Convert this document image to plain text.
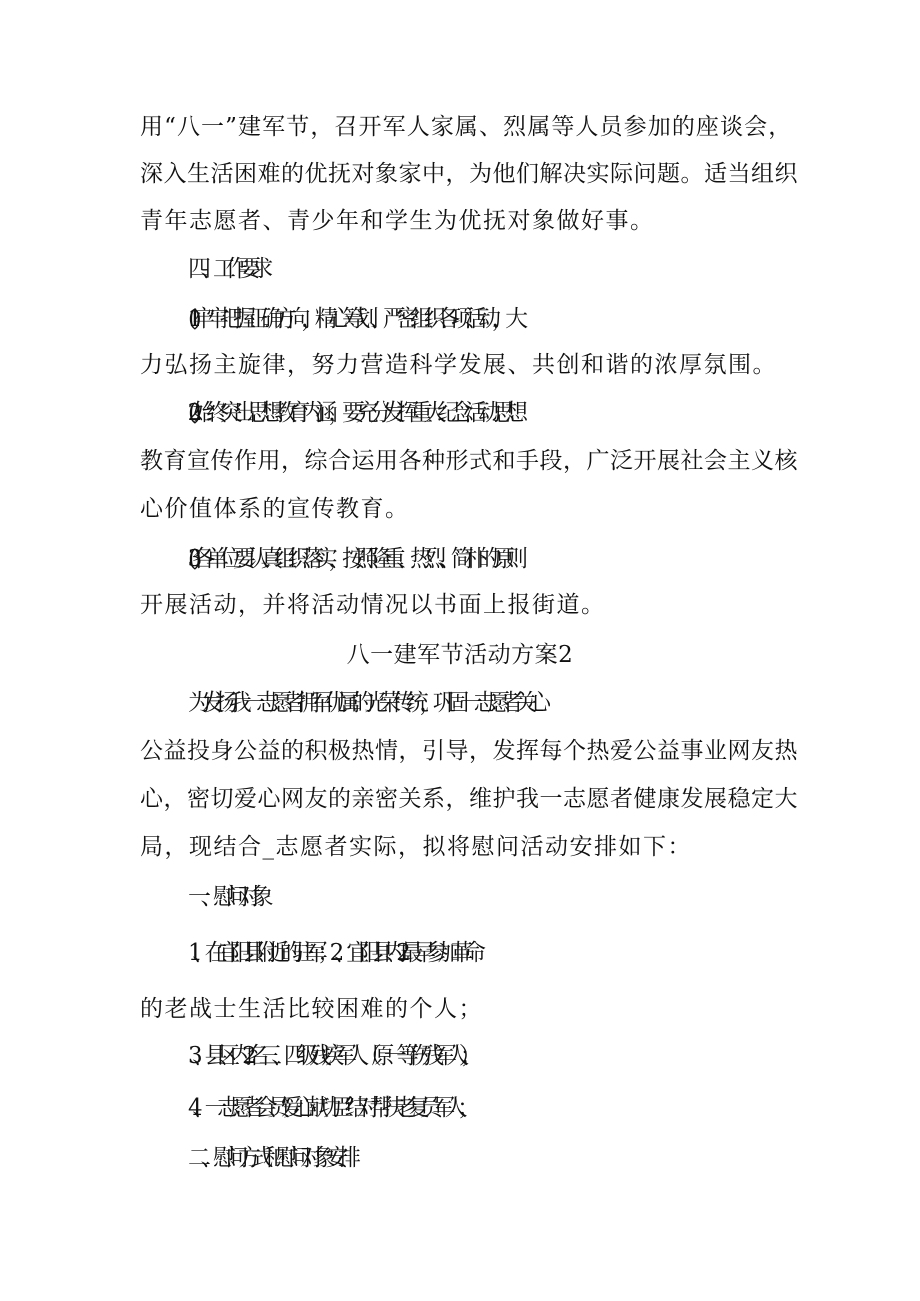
用“八一”建军节，召开军人家属、烈属等人员参加的座谈会，
深入生活困难的优抚对象家中，为他们解决实际问题。适当组织
青年志愿者、青少年和学生为优抚对象做好事。
四、工作要求
(1)牢牢把握正确方向，精心筹划、严密组织各项活动，大
力弘扬主旋律，努力营造科学发展、共创和谐的浓厚氛围。
(2)始终突出思想教育内涵，要充分发挥重大纪念活动思想
教育宣传作用，综合运用各种形式和手段，广泛开展社会主义核
心价值体系的宣传教育。
(3)各单位要认真组织落实，按照隆重、热烈、简朴的原则
开展活动，并将活动情况以书面上报街道。
八一建军节活动方案2
为发扬我一志愿者拥军优属的光荣传统，巩固一志愿者关心
公益投身公益的积极热情，引导，发挥每个热爱公益事业网友热
心，密切爱心网友的亲密关系，维护我一志愿者健康发展稳定大
局，现结合_志愿者实际，拟将慰问活动安排如下：
一、慰问对象
1、在宜阳县附近的驻军；2、宜阳县内2最早参加革命
的老战士生活比较困难的个人；
3、县区内2名三、四级残疾军人（原一等伤残军人）；
4、一志愿者会员“爱心献功臣”结对帮扶老复员军人；
二、慰问方式和慰问对象安排
